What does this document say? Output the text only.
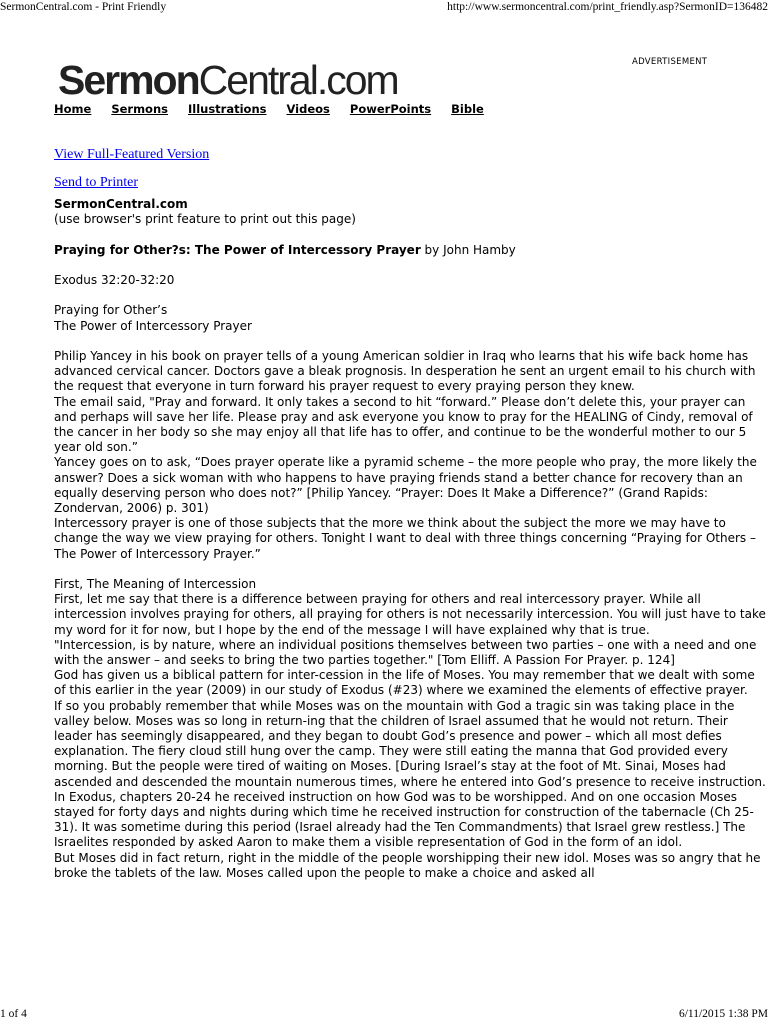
SermonCentral.com - Print Friendly	http://www.sermoncentral.com/print_friendly.asp?SermonID=136482
SermonCentral.com	ADVERTISEMENT
Home Sermons Illustrations Videos PowerPoints Bible
View Full-Featured Version
Send to Printer

SermonCentral.com

(use browser's print feature to print out this page)

Praying for Other?s: The Power of Intercessory Prayer by John Hamby

Exodus 32:20-32:20

Praying for Other’s

The Power of Intercessory Prayer

Philip Yancey in his book on prayer tells of a young American soldier in Iraq who learns that his wife back home has advanced cervical cancer. Doctors gave a bleak prognosis. In desperation he sent an urgent email to his church with the request that everyone in turn forward his prayer request to every praying person they knew.

The email said, "Pray and forward. It only takes a second to hit “forward.” Please don’t delete this, your prayer can and perhaps will save her life. Please pray and ask everyone you know to pray for the HEALING of Cindy, removal of the cancer in her body so she may enjoy all that life has to offer, and continue to be the wonderful mother to our 5 year old son.”

Yancey goes on to ask, “Does prayer operate like a pyramid scheme – the more people who pray, the more likely the answer? Does a sick woman with who happens to have praying friends stand a better chance for recovery than an equally deserving person who does not?” [Philip Yancey. “Prayer: Does It Make a Difference?” (Grand Rapids: Zondervan, 2006) p. 301)

Intercessory prayer is one of those subjects that the more we think about the subject the more we may have to change the way we view praying for others. Tonight I want to deal with three things concerning “Praying for Others – The Power of Intercessory Prayer.”

First, The Meaning of Intercession

First, let me say that there is a difference between praying for others and real intercessory prayer. While all intercession involves praying for others, all praying for others is not necessarily intercession. You will just have to take my word for it for now, but I hope by the end of the message I will have explained why that is true.

"Intercession, is by nature, where an individual positions themselves between two parties – one with a need and one with the answer – and seeks to bring the two parties together." [Tom Elliff. A Passion For Prayer. p. 124]

God has given us a biblical pattern for inter-cession in the life of Moses. You may remember that we dealt with some of this earlier in the year (2009) in our study of Exodus (#23) where we examined the elements of effective prayer.

If so you probably remember that while Moses was on the mountain with God a tragic sin was taking place in the valley below. Moses was so long in return-ing that the children of Israel assumed that he would not return. Their leader has seemingly disappeared, and they began to doubt God’s presence and power – which all most defies explanation. The fiery cloud still hung over the camp. They were still eating the manna that God provided every morning. But the people were tired of waiting on Moses. [During Israel’s stay at the foot of Mt. Sinai, Moses had ascended and descended the mountain numerous times, where he entered into God’s presence to receive instruction. In Exodus, chapters 20-24 he received instruction on how God was to be worshipped. And on one occasion Moses stayed for forty days and nights during which time he received instruction for construction of the tabernacle (Ch 25-31). It was sometime during this period (Israel already had the Ten Commandments) that Israel grew restless.] The Israelites responded by asked Aaron to make them a visible representation of God in the form of an idol.

But Moses did in fact return, right in the middle of the people worshipping their new idol. Moses was so angry that he broke the tablets of the law. Moses called upon the people to make a choice and asked all

1 of 4	6/11/2015 1:38 PM
